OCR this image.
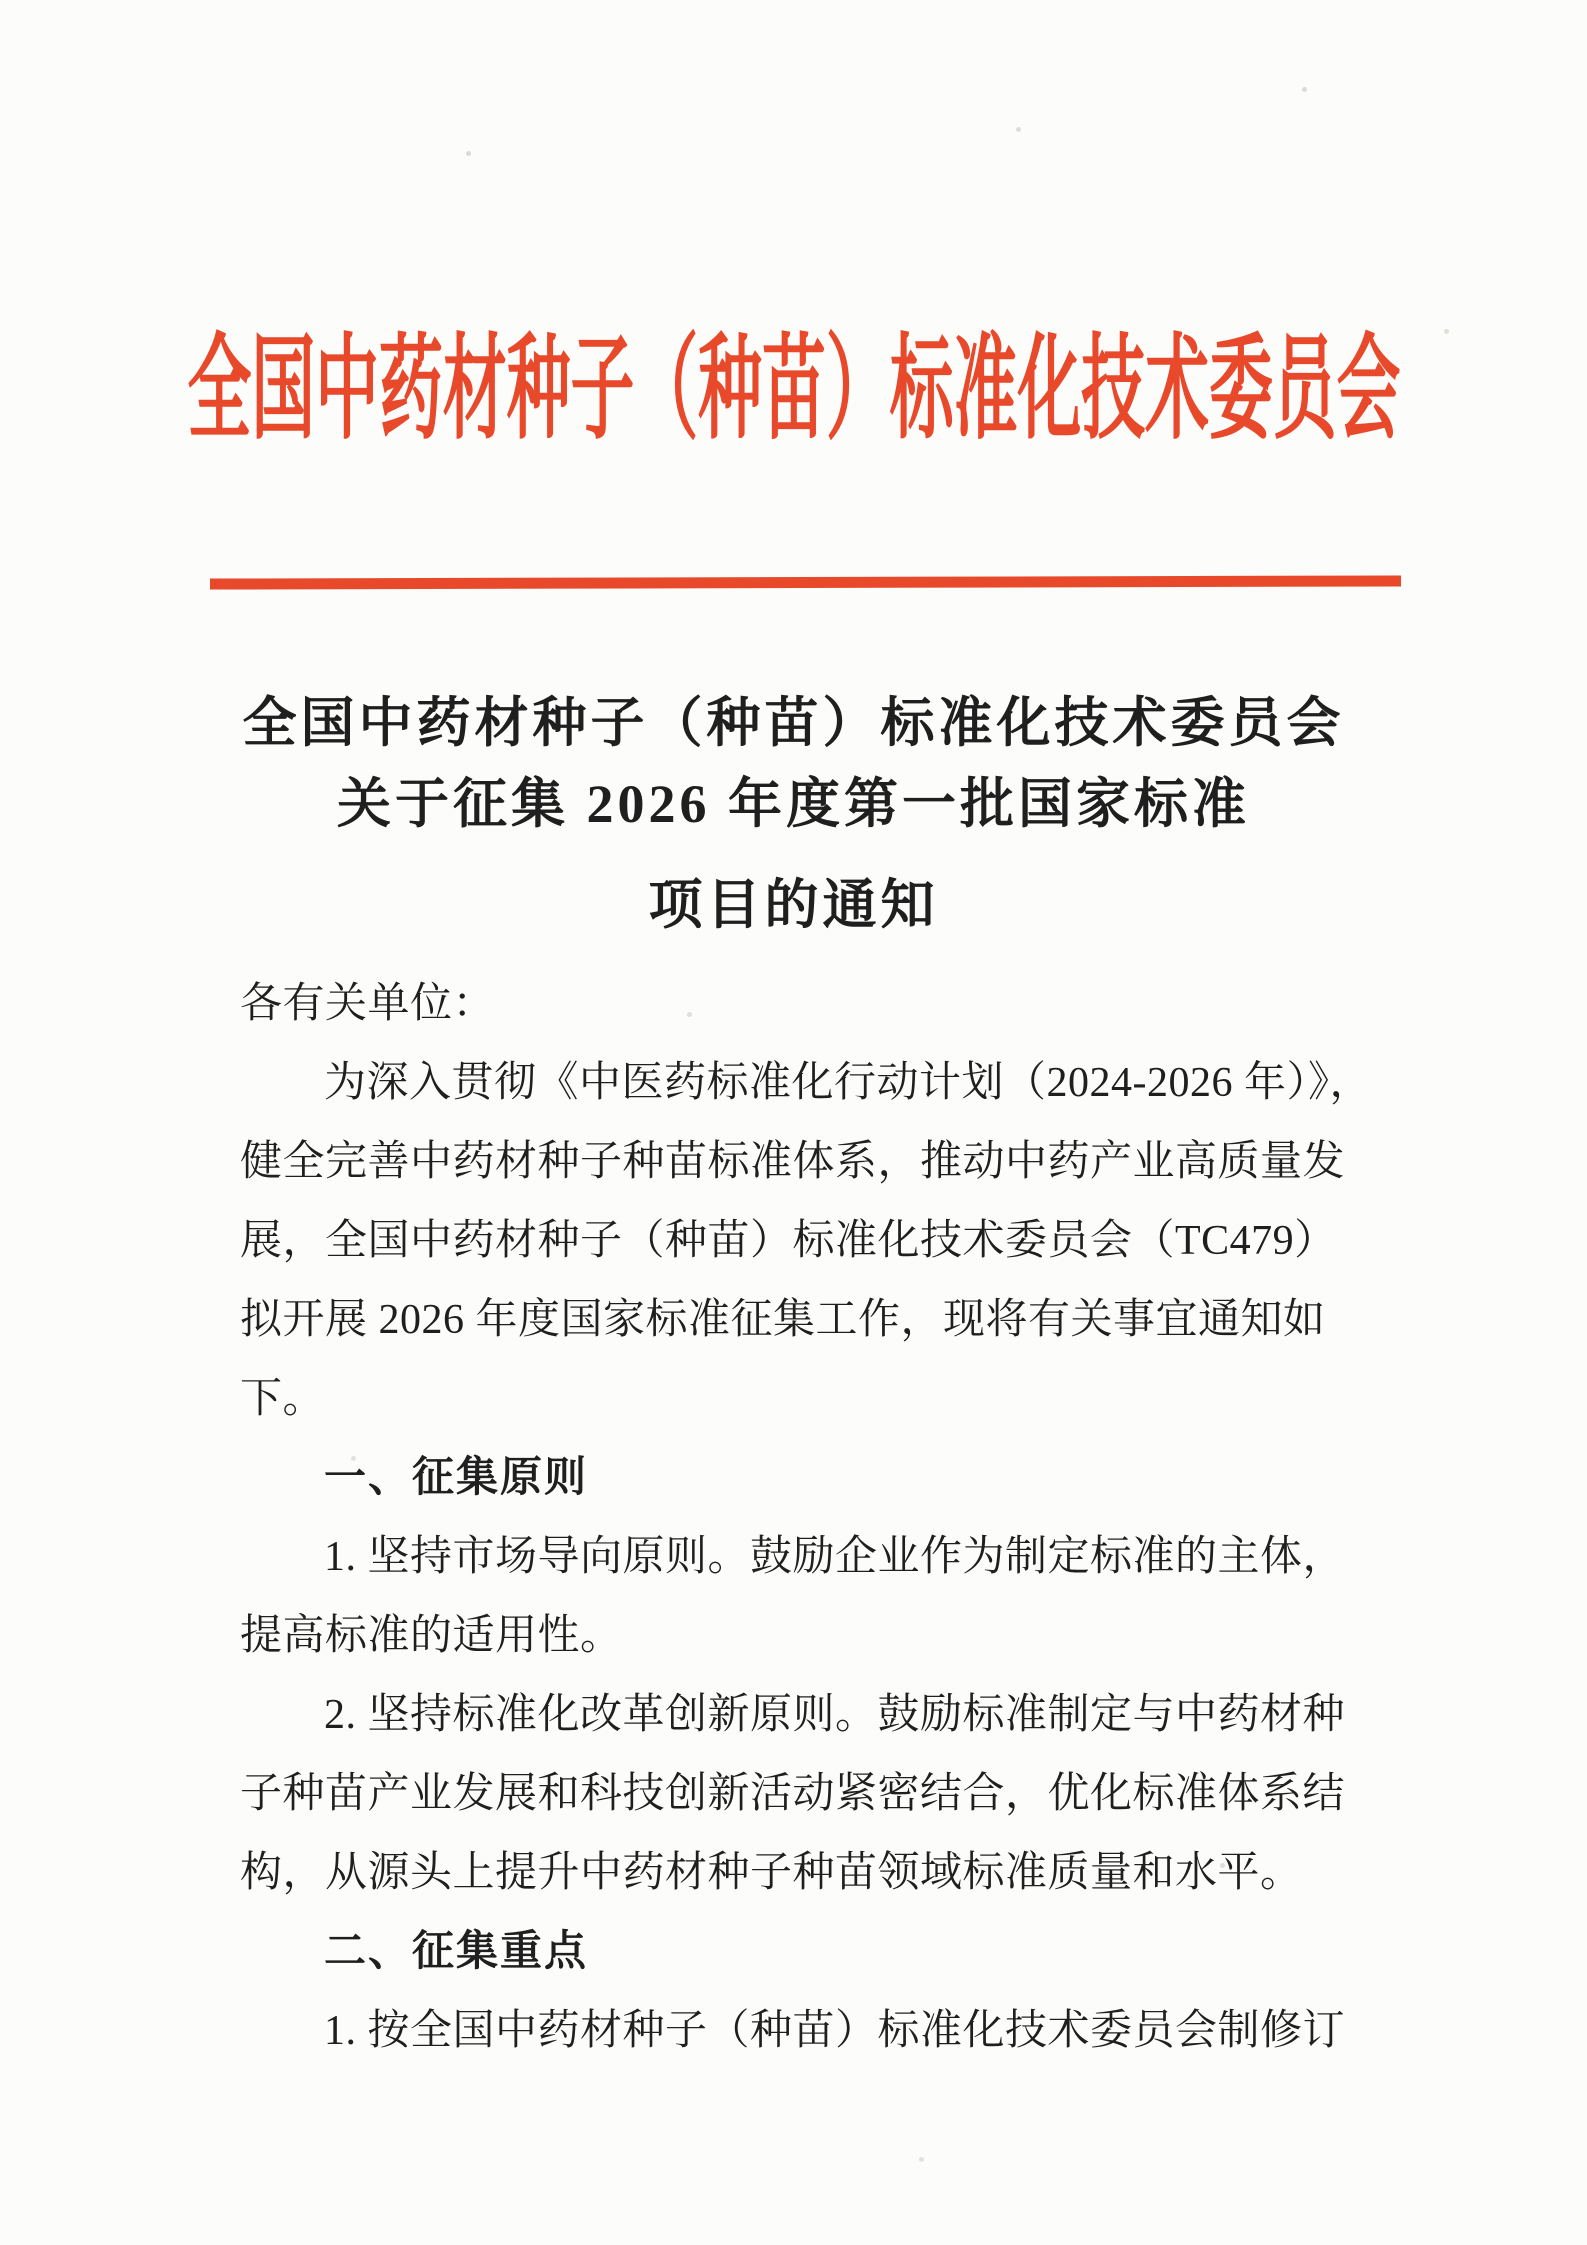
全国中药材种子（种苗）标准化技术委员会
全国中药材种子（种苗）标准化技术委员会
关于征集 2026 年度第一批国家标准
项目的通知
各有关单位：
为深入贯彻《中医药标准化行动计划（2024-2026 年）》，
健全完善中药材种子种苗标准体系，推动中药产业高质量发
展，全国中药材种子（种苗）标准化技术委员会（TC479）
拟开展 2026 年度国家标准征集工作，现将有关事宜通知如
下。
一、征集原则
1. 坚持市场导向原则。鼓励企业作为制定标准的主体，
提高标准的适用性。
2. 坚持标准化改革创新原则。鼓励标准制定与中药材种
子种苗产业发展和科技创新活动紧密结合，优化标准体系结
构，从源头上提升中药材种子种苗领域标准质量和水平。
二、征集重点
1. 按全国中药材种子（种苗）标准化技术委员会制修订
